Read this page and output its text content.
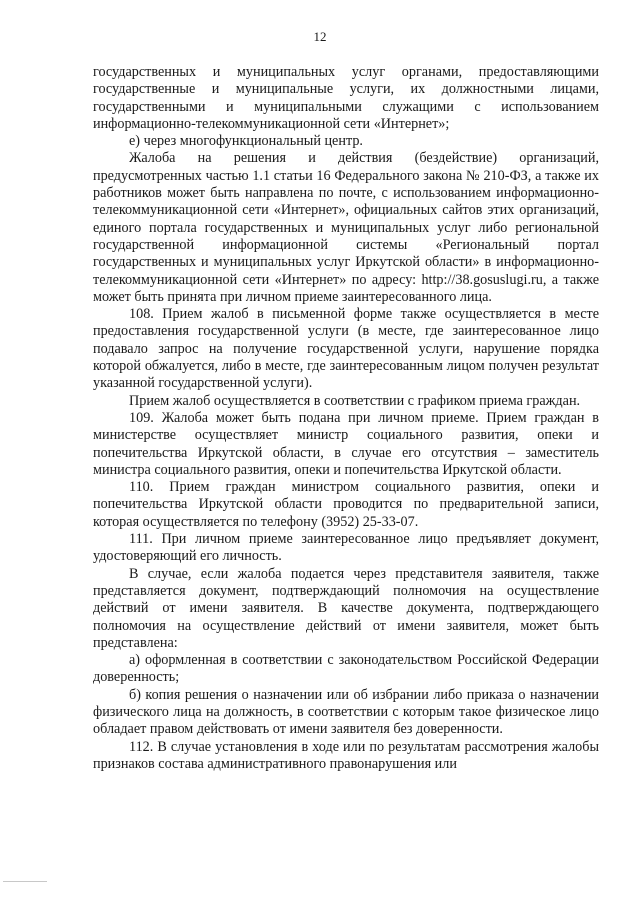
12

государственных и муниципальных услуг органами, предоставляющими государственные и муниципальные услуги, их должностными лицами, государственными и муниципальными служащими с использованием информационно-телекоммуникационной сети «Интернет»;

е) через многофункциональный центр.

Жалоба на решения и действия (бездействие) организаций, предусмотренных частью 1.1 статьи 16 Федерального закона № 210-ФЗ, а также их работников может быть направлена по почте, с использованием информационно-телекоммуникационной сети «Интернет», официальных сайтов этих организаций, единого портала государственных и муниципальных услуг либо региональной государственной информационной системы «Региональный портал государственных и муниципальных услуг Иркутской области» в информационно-телекоммуникационной сети «Интернет» по адресу: http://38.gosuslugi.ru, а также может быть принята при личном приеме заинтересованного лица.

108. Прием жалоб в письменной форме также осуществляется в месте предоставления государственной услуги (в месте, где заинтересованное лицо подавало запрос на получение государственной услуги, нарушение порядка которой обжалуется, либо в месте, где заинтересованным лицом получен результат указанной государственной услуги).

Прием жалоб осуществляется в соответствии с графиком приема граждан.

109. Жалоба может быть подана при личном приеме. Прием граждан в министерстве осуществляет министр социального развития, опеки и попечительства Иркутской области, в случае его отсутствия – заместитель министра социального развития, опеки и попечительства Иркутской области.

110. Прием граждан министром социального развития, опеки и попечительства Иркутской области проводится по предварительной записи, которая осуществляется по телефону (3952) 25-33-07.

111. При личном приеме заинтересованное лицо предъявляет документ, удостоверяющий его личность.

В случае, если жалоба подается через представителя заявителя, также представляется документ, подтверждающий полномочия на осуществление действий от имени заявителя. В качестве документа, подтверждающего полномочия на осуществление действий от имени заявителя, может быть представлена:

а) оформленная в соответствии с законодательством Российской Федерации доверенность;

б) копия решения о назначении или об избрании либо приказа о назначении физического лица на должность, в соответствии с которым такое физическое лицо обладает правом действовать от имени заявителя без доверенности.

112. В случае установления в ходе или по результатам рассмотрения жалобы признаков состава административного правонарушения или
